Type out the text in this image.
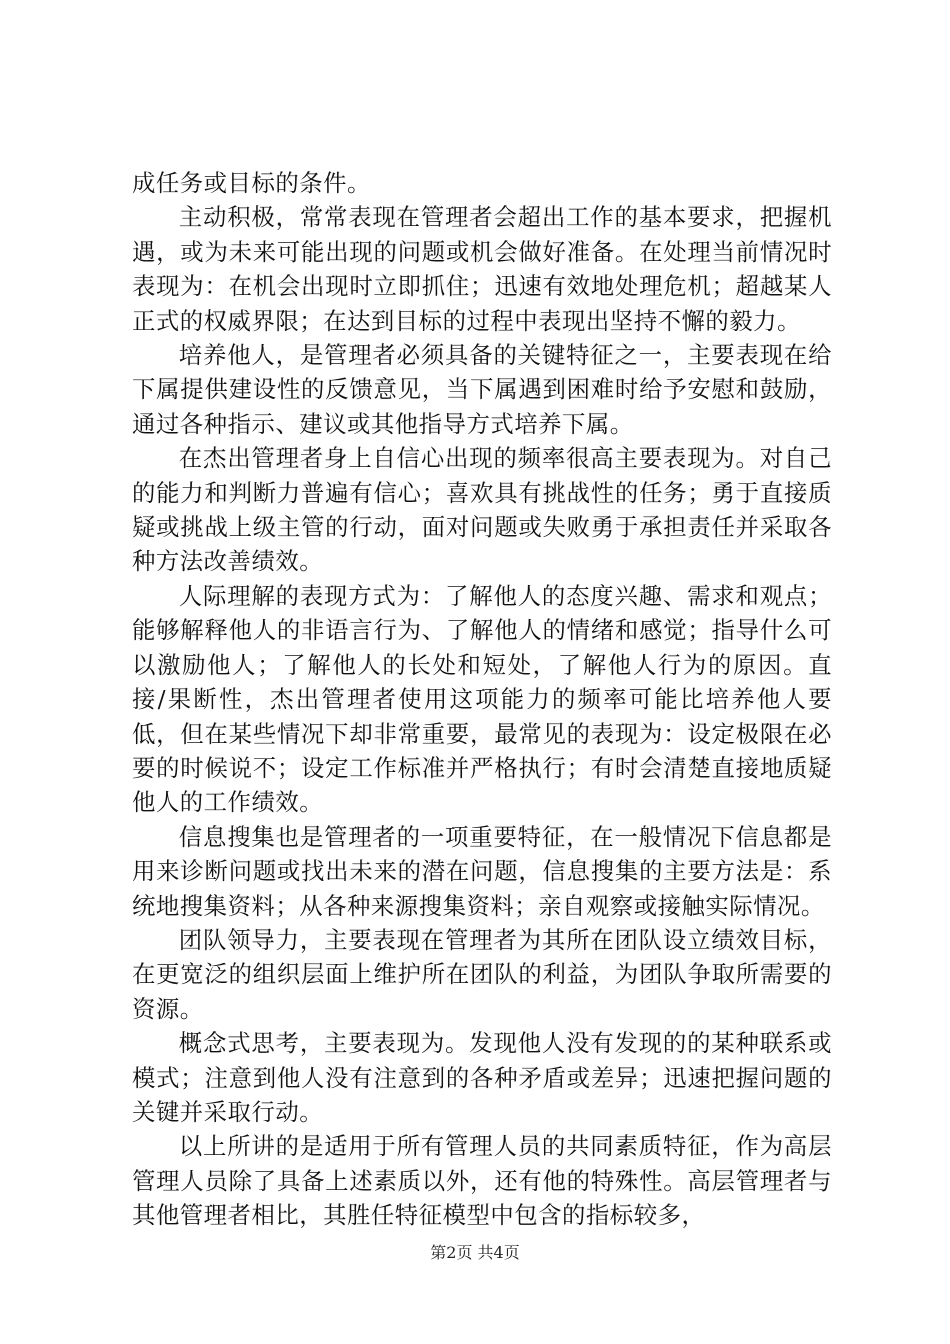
成任务或目标的条件。

主动积极，常常表现在管理者会超出工作的基本要求，把握机遇，或为未来可能出现的问题或机会做好准备。在处理当前情况时表现为：在机会出现时立即抓住；迅速有效地处理危机；超越某人正式的权威界限；在达到目标的过程中表现出坚持不懈的毅力。

培养他人，是管理者必须具备的关键特征之一，主要表现在给下属提供建设性的反馈意见，当下属遇到困难时给予安慰和鼓励，通过各种指示、建议或其他指导方式培养下属。

在杰出管理者身上自信心出现的频率很高主要表现为。对自己的能力和判断力普遍有信心；喜欢具有挑战性的任务；勇于直接质疑或挑战上级主管的行动，面对问题或失败勇于承担责任并采取各种方法改善绩效。

人际理解的表现方式为：了解他人的态度兴趣、需求和观点；能够解释他人的非语言行为、了解他人的情绪和感觉；指导什么可以激励他人；了解他人的长处和短处，了解他人行为的原因。直接/果断性，杰出管理者使用这项能力的频率可能比培养他人要低，但在某些情况下却非常重要，最常见的表现为：设定极限在必要的时候说不；设定工作标准并严格执行；有时会清楚直接地质疑他人的工作绩效。

信息搜集也是管理者的一项重要特征，在一般情况下信息都是用来诊断问题或找出未来的潜在问题，信息搜集的主要方法是：系统地搜集资料；从各种来源搜集资料；亲自观察或接触实际情况。

团队领导力，主要表现在管理者为其所在团队设立绩效目标，在更宽泛的组织层面上维护所在团队的利益，为团队争取所需要的资源。

概念式思考，主要表现为。发现他人没有发现的的某种联系或模式；注意到他人没有注意到的各种矛盾或差异；迅速把握问题的关键并采取行动。

以上所讲的是适用于所有管理人员的共同素质特征，作为高层管理人员除了具备上述素质以外，还有他的特殊性。高层管理者与其他管理者相比，其胜任特征模型中包含的指标较多，

第2页 共4页
